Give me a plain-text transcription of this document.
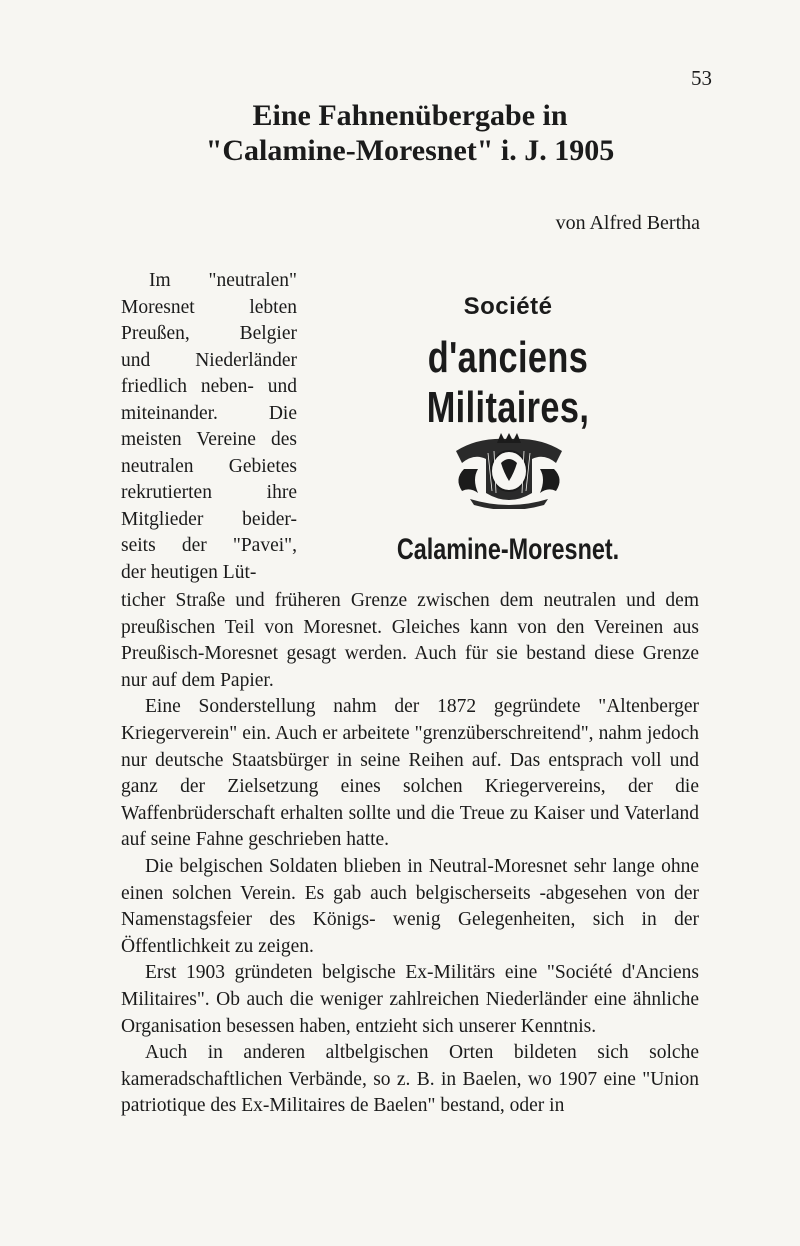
53
Eine Fahnenübergabe in
"Calamine-Moresnet" i. J. 1905
von Alfred Bertha

Im "neutralen"

Moresnet lebten

Preußen, Belgier

und Niederländer

friedlich neben- und

miteinander. Die

meisten Vereine des

neutralen Gebietes

rekrutierten ihre

Mitglieder beider-

seits der "Pavei",

der heutigen Lüt-

Société
d'anciens Militaires,
Calamine-Moresnet.

ticher Straße und früheren Grenze zwischen dem neutralen und dem preußischen Teil von Moresnet. Gleiches kann von den Vereinen aus Preußisch-Moresnet gesagt werden. Auch für sie bestand diese Grenze nur auf dem Papier.

Eine Sonderstellung nahm der 1872 gegründete "Altenberger Kriegerverein" ein. Auch er arbeitete "grenzüberschreitend", nahm jedoch nur deutsche Staatsbürger in seine Reihen auf. Das entsprach voll und ganz der Zielsetzung eines solchen Kriegervereins, der die Waffenbrüderschaft erhalten sollte und die Treue zu Kaiser und Vaterland auf seine Fahne geschrieben hatte.

Die belgischen Soldaten blieben in Neutral-Moresnet sehr lange ohne einen solchen Verein. Es gab auch belgischerseits -abgesehen von der Namenstagsfeier des Königs- wenig Gelegenheiten, sich in der Öffentlichkeit zu zeigen.

Erst 1903 gründeten belgische Ex-Militärs eine "Société d'Anciens Militaires". Ob auch die weniger zahlreichen Niederländer eine ähnliche Organisation besessen haben, entzieht sich unserer Kenntnis.

Auch in anderen altbelgischen Orten bildeten sich solche kameradschaftlichen Verbände, so z. B. in Baelen, wo 1907 eine "Union patriotique des Ex-Militaires de Baelen" bestand, oder in
